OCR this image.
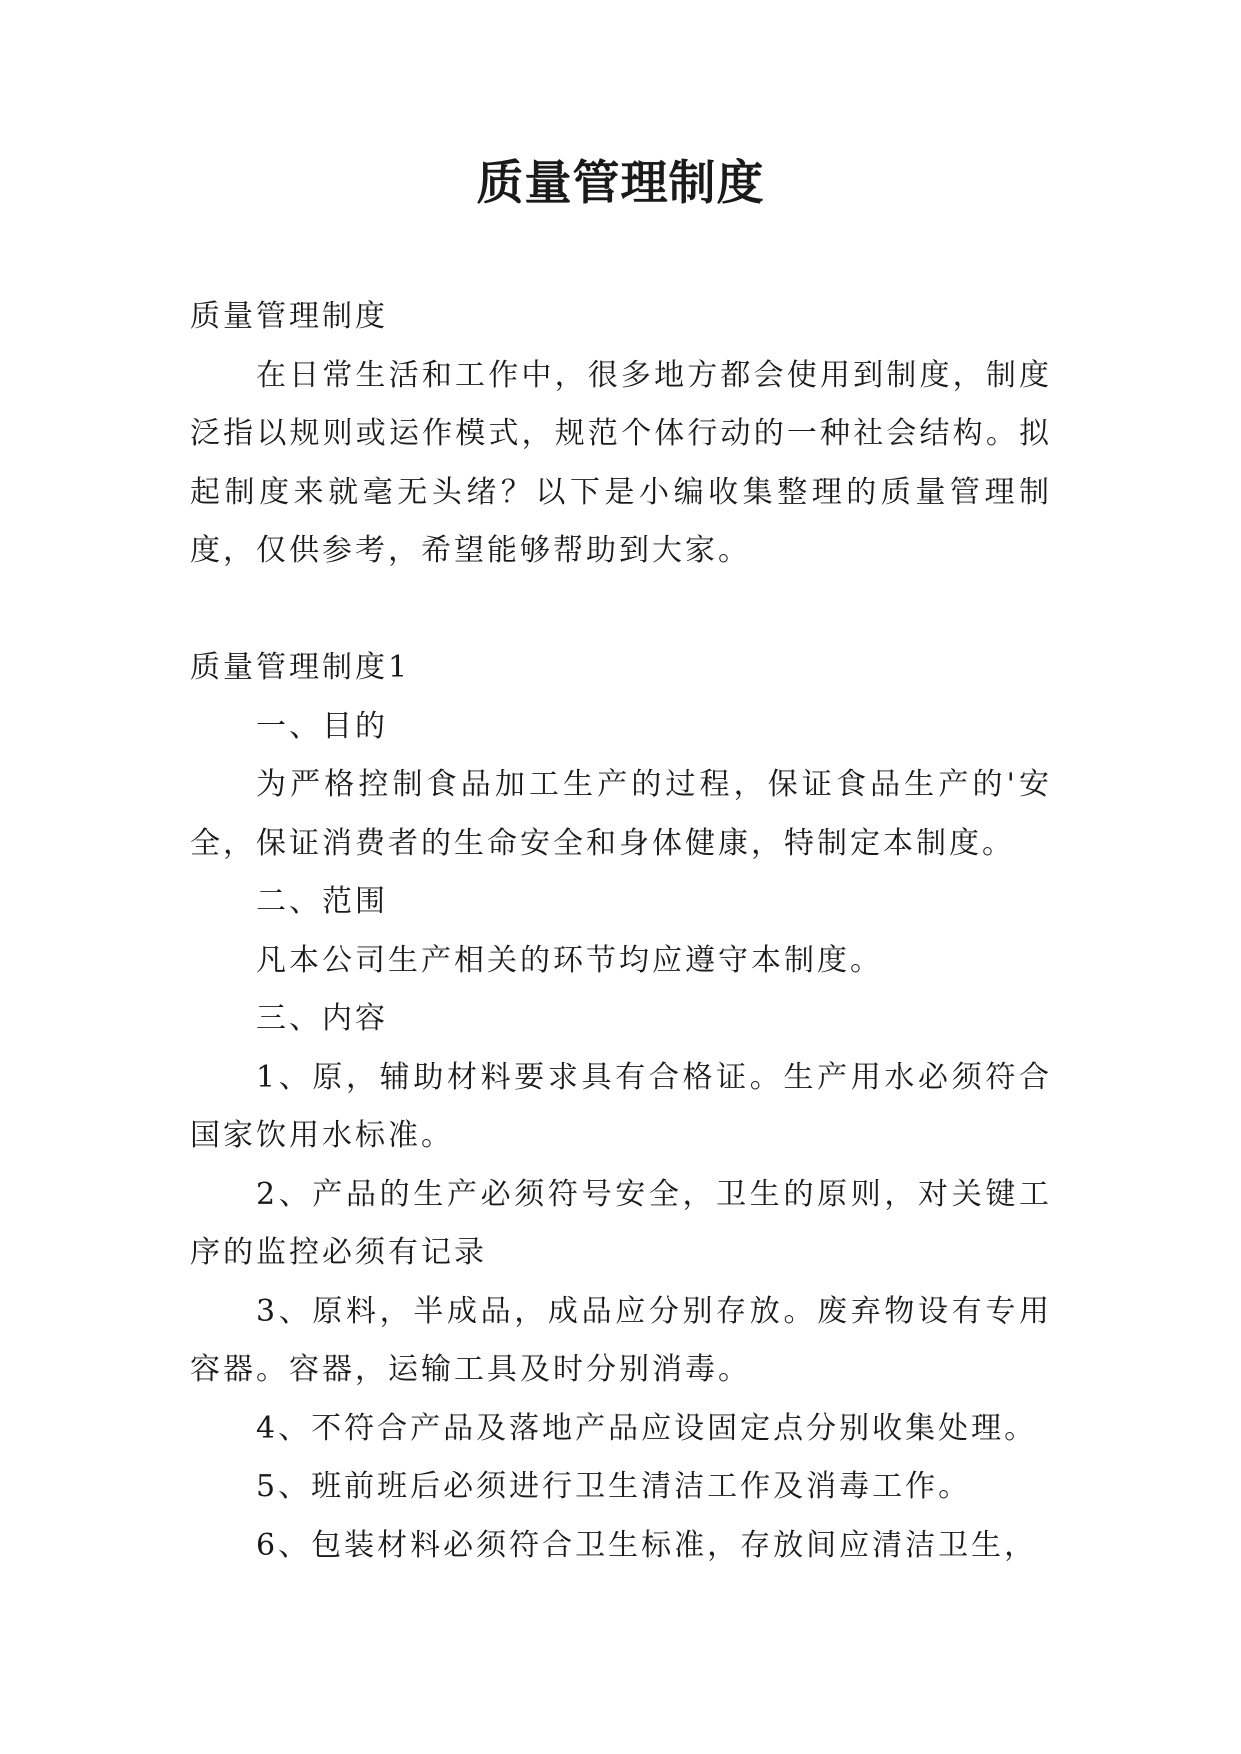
质量管理制度

质量管理制度

在日常生活和工作中，很多地方都会使用到制度，制度泛指以规则或运作模式，规范个体行动的一种社会结构。拟起制度来就毫无头绪？以下是小编收集整理的质量管理制度，仅供参考，希望能够帮助到大家。

质量管理制度1

一、目的

为严格控制食品加工生产的过程，保证食品生产的'安全，保证消费者的生命安全和身体健康，特制定本制度。

二、范围

凡本公司生产相关的环节均应遵守本制度。

三、内容

1、原，辅助材料要求具有合格证。生产用水必须符合国家饮用水标准。

2、产品的生产必须符号安全，卫生的原则，对关键工序的监控必须有记录

3、原料，半成品，成品应分别存放。废弃物设有专用容器。容器，运输工具及时分别消毒。

4、不符合产品及落地产品应设固定点分别收集处理。

5、班前班后必须进行卫生清洁工作及消毒工作。

6、包装材料必须符合卫生标准，存放间应清洁卫生，
